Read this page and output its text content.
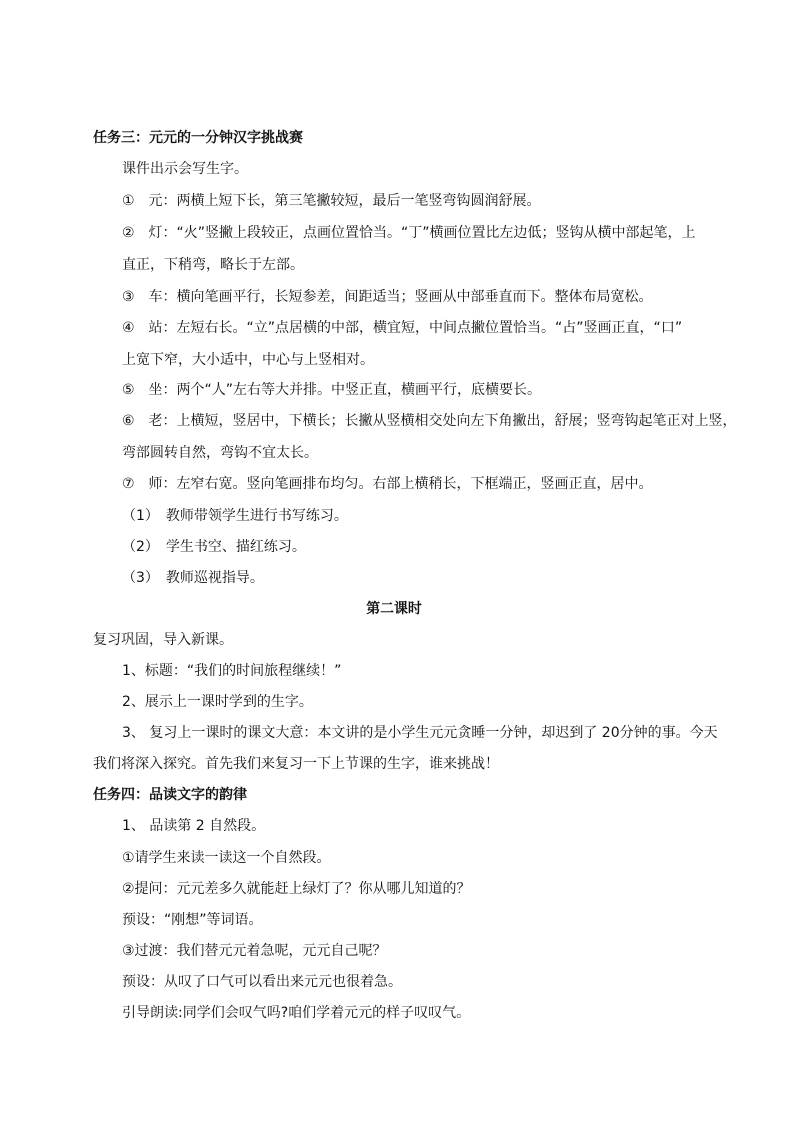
任务三：元元的一分钟汉字挑战赛
课件出示会写生字。
①　元：两横上短下长，第三笔撇较短，最后一笔竖弯钩圆润舒展。
②　灯：“火”竖撇上段较正，点画位置恰当。“丁”横画位置比左边低；竖钩从横中部起笔，上
直正，下稍弯，略长于左部。
③　车：横向笔画平行，长短参差，间距适当；竖画从中部垂直而下。整体布局宽松。
④　站：左短右长。“立”点居横的中部，横宜短，中间点撇位置恰当。“占”竖画正直，“口”
上宽下窄，大小适中，中心与上竖相对。
⑤　坐：两个“人”左右等大并排。中竖正直，横画平行，底横要长。
⑥　老：上横短，竖居中，下横长；长撇从竖横相交处向左下角撇出，舒展；竖弯钩起笔正对上竖，
弯部圆转自然，弯钩不宜太长。
⑦　师：左窄右宽。竖向笔画排布均匀。右部上横稍长，下框端正，竖画正直，居中。
（1）　教师带领学生进行书写练习。
（2）　学生书空、描红练习。
（3）　教师巡视指导。
第二课时
复习巩固，导入新课。
1、标题：“我们的时间旅程继续！”
2、展示上一课时学到的生字。
3、 复习上一课时的课文大意：本文讲的是小学生元元贪睡一分钟，却迟到了 20分钟的事。今天
我们将深入探究。首先我们来复习一下上节课的生字，谁来挑战！
任务四：品读文字的韵律
1、 品读第 2 自然段。
①请学生来读一读这一个自然段。
②提问：元元差多久就能赶上绿灯了？你从哪儿知道的？
预设：“刚想”等词语。
③过渡：我们替元元着急呢，元元自己呢？
预设：从叹了口气可以看出来元元也很着急。
引导朗读:同学们会叹气吗?咱们学着元元的样子叹叹气。
